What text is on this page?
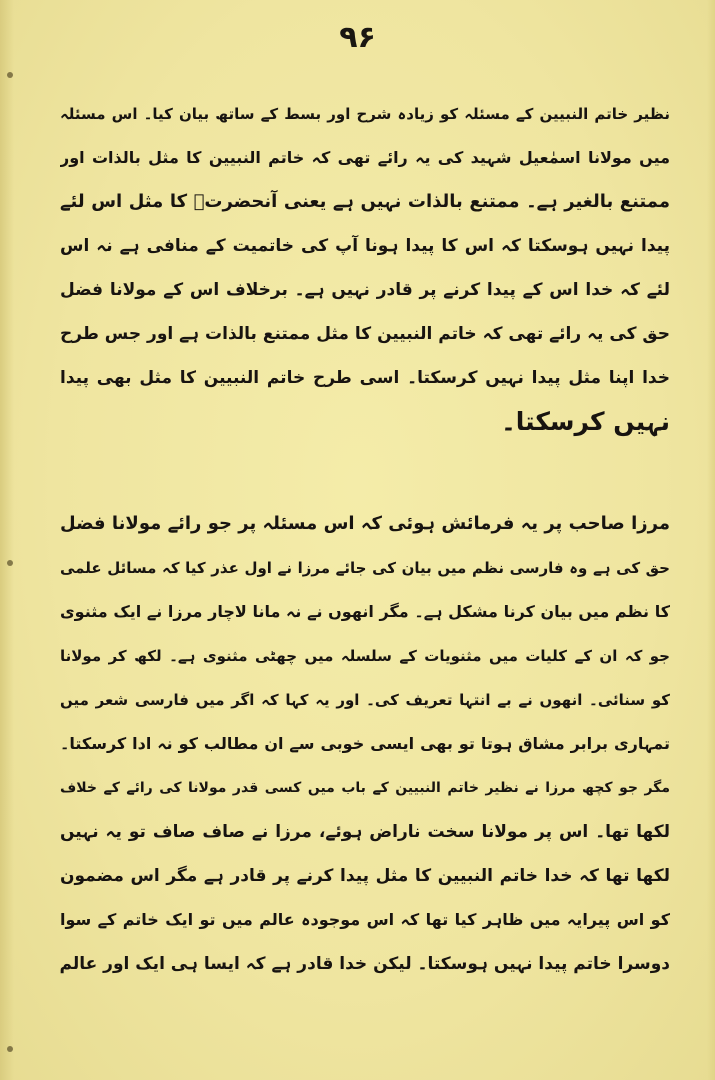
۹۶
نظیر خاتم النبیین کے مسئلہ کو زیادہ شرح اور بسط کے ساتھ بیان کیا۔ اس مسئلہ
میں مولانا اسمٰعیل شہید کی یہ رائے تھی کہ خاتم النبیین کا مثل بالذات اور
ممتنع بالغیر ہے۔ ممتنع بالذات نہیں ہے یعنی آنحضرتؐ کا مثل اس لئے
پیدا نہیں ہوسکتا کہ اس کا پیدا ہونا آپ کی خاتمیت کے منافی ہے نہ اس
لئے کہ خدا اس کے پیدا کرنے پر قادر نہیں ہے۔ برخلاف اس کے مولانا فضل
حق کی یہ رائے تھی کہ خاتم النبیین کا مثل ممتنع بالذات ہے اور جس طرح
خدا اپنا مثل پیدا نہیں کرسکتا۔ اسی طرح خاتم النبیین کا مثل بھی پیدا
نہیں کرسکتا۔
مرزا صاحب پر یہ فرمائش ہوئی کہ اس مسئلہ پر جو رائے مولانا فضل
حق کی ہے وہ فارسی نظم میں بیان کی جائے مرزا نے اول عذر کیا کہ مسائل علمی
کا نظم میں بیان کرنا مشکل ہے۔ مگر انھوں نے نہ مانا لاچار مرزا نے ایک مثنوی
جو کہ ان کے کلیات میں مثنویات کے سلسلہ میں چھٹی مثنوی ہے۔ لکھ کر مولانا
کو سنائی۔ انھوں نے بے انتہا تعریف کی۔ اور یہ کہا کہ اگر میں فارسی شعر میں
تمہاری برابر مشاق ہوتا تو بھی ایسی خوبی سے ان مطالب کو نہ ادا کرسکتا۔
مگر جو کچھ مرزا نے نظیر خاتم النبیین کے باب میں کسی قدر مولانا کی رائے کے خلاف
لکھا تھا۔ اس پر مولانا سخت ناراض ہوئے، مرزا نے صاف صاف تو یہ نہیں
لکھا تھا کہ خدا خاتم النبیین کا مثل پیدا کرنے پر قادر ہے مگر اس مضمون
کو اس پیرایہ میں ظاہر کیا تھا کہ اس موجودہ عالم میں تو ایک خاتم کے سوا
دوسرا خاتم پیدا نہیں ہوسکتا۔ لیکن خدا قادر ہے کہ ایسا ہی ایک اور عالم
